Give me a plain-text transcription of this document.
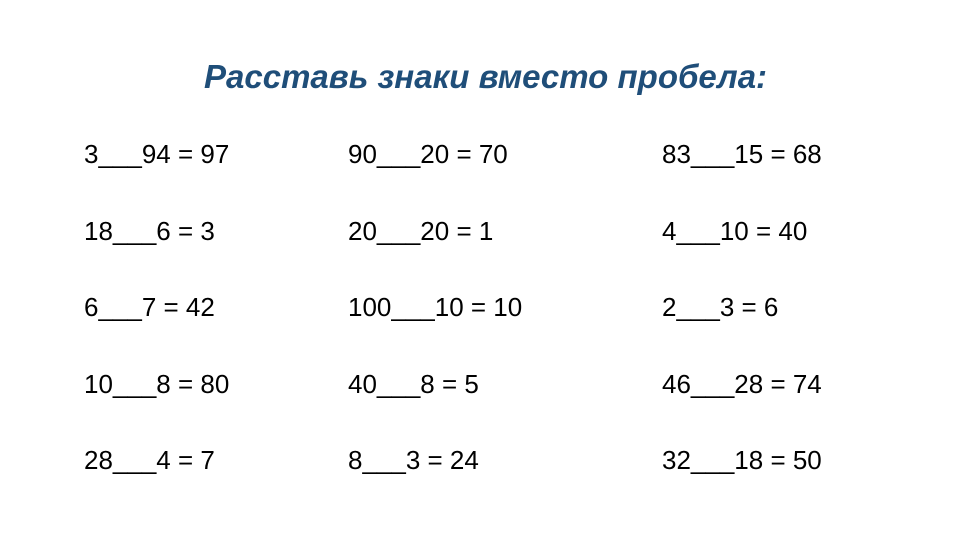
Расставь знаки вместо пробела:
3___94 = 97
18___6 = 3
6___7 = 42
10___8 = 80
28___4 = 7
90___20 = 70
20___20 = 1
100___10 = 10
40___8 = 5
8___3 = 24
83___15 = 68
4___10 = 40
2___3 = 6
46___28 = 74
32___18 = 50
